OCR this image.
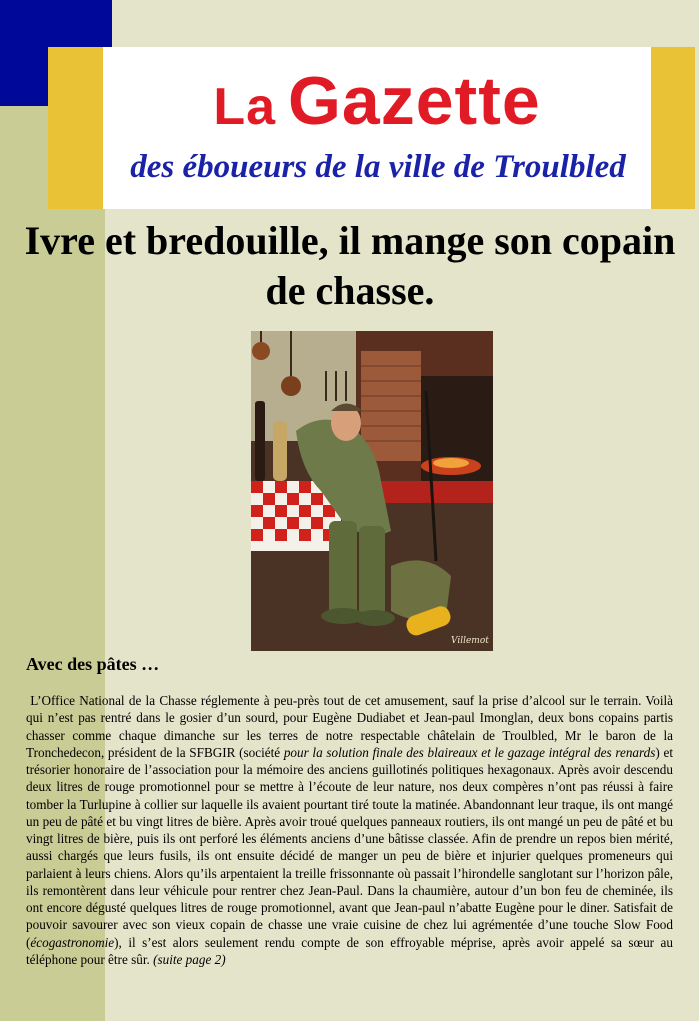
La Gazette
des éboueurs de la ville de Troulbled
Ivre et bredouille, il mange son copain de chasse.
Villemot
Avec des pâtes …

L’Office National de la Chasse réglemente à peu-près tout de cet amusement, sauf la prise d’alcool sur le terrain. Voilà qui n’est pas rentré dans le gosier d’un sourd, pour Eugène Dudiabet et Jean-paul Imonglan, deux bons copains partis chasser comme chaque dimanche sur les terres de notre respectable châtelain de Troulbled, Mr le baron de la Tronchedecon, président de la SFBGIR (société pour la solution finale des blaireaux et le gazage intégral des renards) et trésorier honoraire de l’association pour la mémoire des anciens guillotinés politiques hexagonaux. Après avoir descendu deux litres de rouge promotionnel pour se mettre à l’écoute de leur nature, nos deux compères n’ont pas réussi à faire tomber la Turlupine à collier sur laquelle ils avaient pourtant tiré toute la matinée. Abandonnant leur traque, ils ont mangé un peu de pâté et bu vingt litres de bière. Après avoir troué quelques panneaux routiers, ils ont mangé un peu de pâté et bu vingt litres de bière, puis ils ont perforé les éléments anciens d’une bâtisse classée. Afin de prendre un repos bien mérité, aussi chargés que leurs fusils, ils ont ensuite décidé de manger un peu de bière et injurier quelques promeneurs qui parlaient à leurs chiens. Alors qu’ils arpentaient la treille frissonnante où passait l’hirondelle sanglotant sur l’horizon pâle, ils remontèrent dans leur véhicule pour rentrer chez Jean-Paul. Dans la chaumière, autour d’un bon feu de cheminée, ils ont encore dégusté quelques litres de rouge promotionnel, avant que Jean-paul n’abatte Eugène pour le diner. Satisfait de pouvoir savourer avec son vieux copain de chasse une vraie cuisine de chez lui agrémentée d’une touche Slow Food (écogastronomie), il s’est alors seulement rendu compte de son effroyable méprise, après avoir appelé sa sœur au téléphone pour être sûr. (suite page 2)
